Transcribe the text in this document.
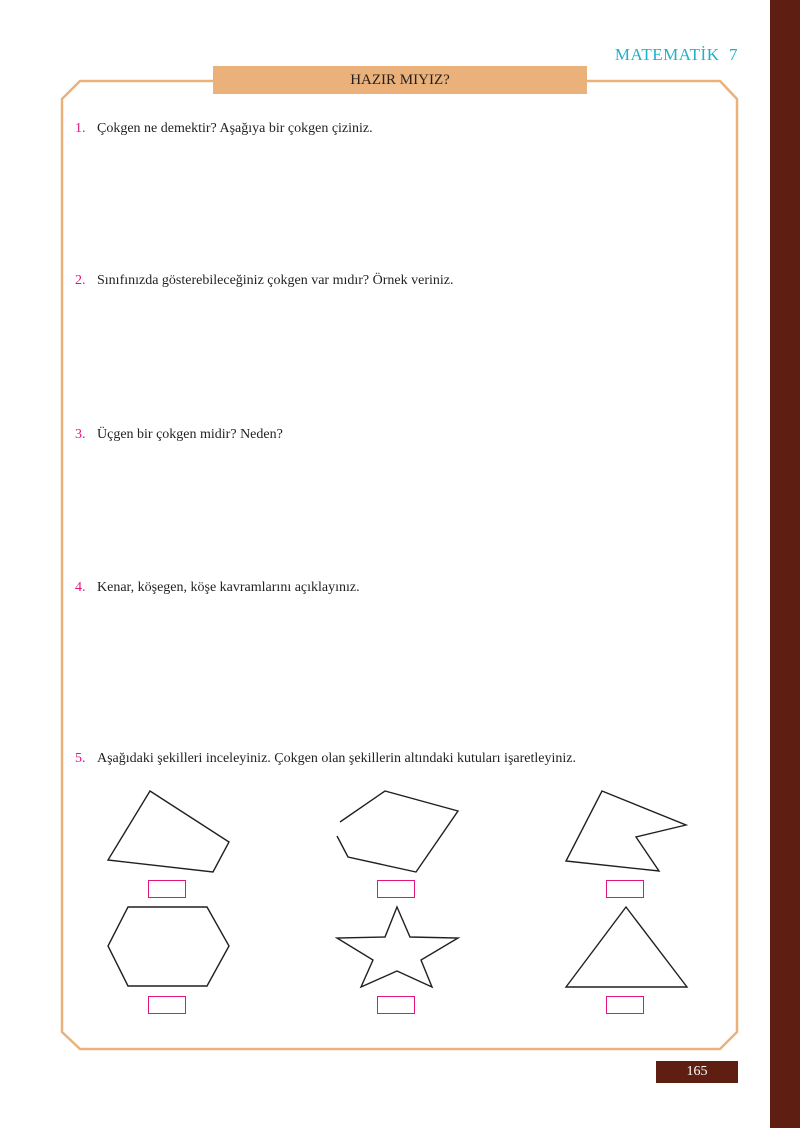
MATEMATİK 7
HAZIR MIYIZ?
1. Çokgen ne demektir? Aşağıya bir çokgen çiziniz.
2. Sınıfınızda gösterebileceğiniz çokgen var mıdır? Örnek veriniz.
3. Üçgen bir çokgen midir? Neden?
4. Kenar, köşegen, köşe kavramlarını açıklayınız.
5. Aşağıdaki şekilleri inceleyiniz. Çokgen olan şekillerin altındaki kutuları işaretleyiniz.
165
